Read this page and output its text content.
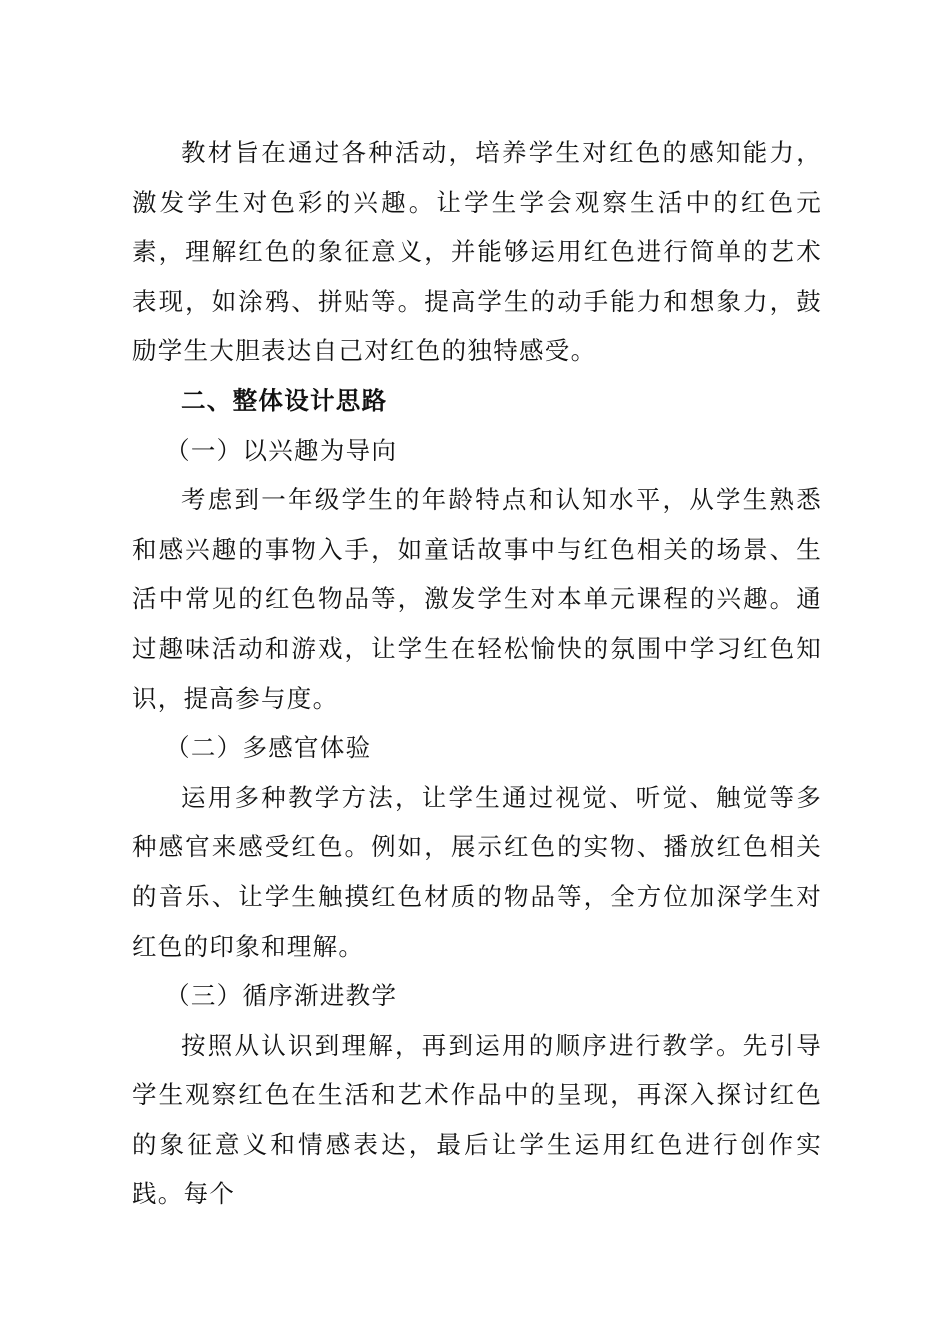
教材旨在通过各种活动，培养学生对红色的感知能力，激发学生对色彩的兴趣。让学生学会观察生活中的红色元素，理解红色的象征意义，并能够运用红色进行简单的艺术表现，如涂鸦、拼贴等。提高学生的动手能力和想象力，鼓励学生大胆表达自己对红色的独特感受。

二、整体设计思路

（一）以兴趣为导向

考虑到一年级学生的年龄特点和认知水平，从学生熟悉和感兴趣的事物入手，如童话故事中与红色相关的场景、生活中常见的红色物品等，激发学生对本单元课程的兴趣。通过趣味活动和游戏，让学生在轻松愉快的氛围中学习红色知识，提高参与度。

（二）多感官体验

运用多种教学方法，让学生通过视觉、听觉、触觉等多种感官来感受红色。例如，展示红色的实物、播放红色相关的音乐、让学生触摸红色材质的物品等，全方位加深学生对红色的印象和理解。

（三）循序渐进教学

按照从认识到理解，再到运用的顺序进行教学。先引导学生观察红色在生活和艺术作品中的呈现，再深入探讨红色的象征意义和情感表达，最后让学生运用红色进行创作实践。每个
